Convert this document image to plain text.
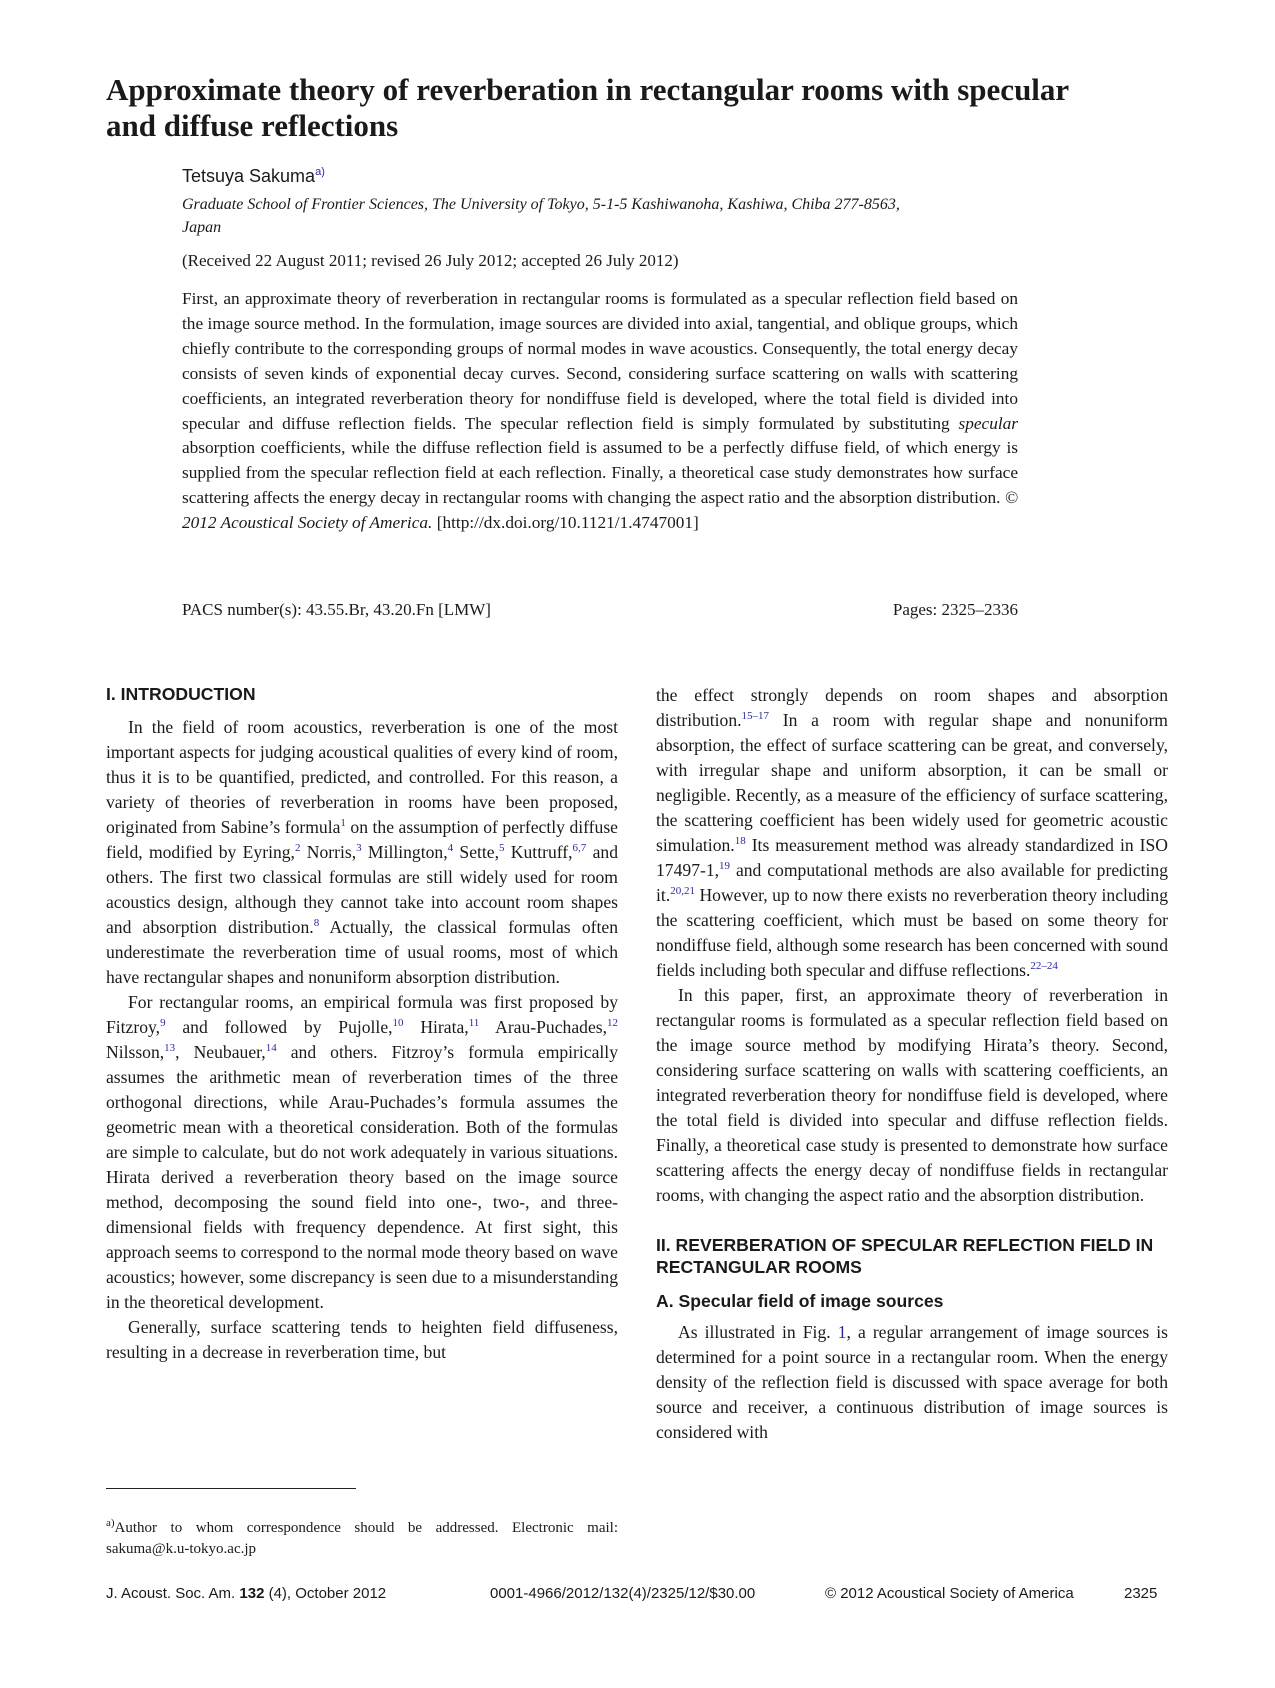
Approximate theory of reverberation in rectangular rooms with specular and diffuse reflections
Tetsuya Sakuma$^{a)}$
Graduate School of Frontier Sciences, The University of Tokyo, 5-1-5 Kashiwanoha, Kashiwa, Chiba 277-8563, Japan
(Received 22 August 2011; revised 26 July 2012; accepted 26 July 2012)

First, an approximate theory of reverberation in rectangular rooms is formulated as a specular reflection field based on the image source method. In the formulation, image sources are divided into axial, tangential, and oblique groups, which chiefly contribute to the corresponding groups of normal modes in wave acoustics. Consequently, the total energy decay consists of seven kinds of exponential decay curves. Second, considering surface scattering on walls with scattering coefficients, an integrated reverberation theory for nondiffuse field is developed, where the total field is divided into specular and diffuse reflection fields. The specular reflection field is simply formulated by substituting specular absorption coefficients, while the diffuse reflection field is assumed to be a perfectly diffuse field, of which energy is supplied from the specular reflection field at each reflection. Finally, a theoretical case study demonstrates how surface scattering affects the energy decay in rectangular rooms with changing the aspect ratio and the absorption distribution. © 2012 Acoustical Society of America. [http://dx.doi.org/10.1121/1.4747001]

PACS number(s): 43.55.Br, 43.20.Fn [LMW]	Pages: 2325–2336
I. INTRODUCTION

In the field of room acoustics, reverberation is one of the most important aspects for judging acoustical qualities of every kind of room, thus it is to be quantified, predicted, and controlled. For this reason, a variety of theories of reverberation in rooms have been proposed, originated from Sabine’s formula$^1$ on the assumption of perfectly diffuse field, modified by Eyring,$^2$ Norris,$^3$ Millington,$^4$ Sette,$^5$ Kuttruff,$^{6,7}$ and others. The first two classical formulas are still widely used for room acoustics design, although they cannot take into account room shapes and absorption distribution.$^8$ Actually, the classical formulas often underestimate the reverberation time of usual rooms, most of which have rectangular shapes and nonuniform absorption distribution.

For rectangular rooms, an empirical formula was first proposed by Fitzroy,$^9$ and followed by Pujolle,$^{10}$ Hirata,$^{11}$ Arau-Puchades,$^{12}$ Nilsson,$^{13}$, Neubauer,$^{14}$ and others. Fitzroy’s formula empirically assumes the arithmetic mean of reverberation times of the three orthogonal directions, while Arau-Puchades’s formula assumes the geometric mean with a theoretical consideration. Both of the formulas are simple to calculate, but do not work adequately in various situations. Hirata derived a reverberation theory based on the image source method, decomposing the sound field into one-, two-, and three-dimensional fields with frequency dependence. At first sight, this approach seems to correspond to the normal mode theory based on wave acoustics; however, some discrepancy is seen due to a misunderstanding in the theoretical development.

Generally, surface scattering tends to heighten field diffuseness, resulting in a decrease in reverberation time, but

$^{a)}$Author to whom correspondence should be addressed. Electronic mail: sakuma@k.u-tokyo.ac.jp

the effect strongly depends on room shapes and absorption distribution.$^{15-17}$ In a room with regular shape and nonuniform absorption, the effect of surface scattering can be great, and conversely, with irregular shape and uniform absorption, it can be small or negligible. Recently, as a measure of the efficiency of surface scattering, the scattering coefficient has been widely used for geometric acoustic simulation.$^{18}$ Its measurement method was already standardized in ISO 17497-1,19 and computational methods are also available for predicting it.$^{20,21}$ However, up to now there exists no reverberation theory including the scattering coefficient, which must be based on some theory for nondiffuse field, although some research has been concerned with sound fields including both specular and diffuse reflections.$^{22-24}$

In this paper, first, an approximate theory of reverberation in rectangular rooms is formulated as a specular reflection field based on the image source method by modifying Hirata’s theory. Second, considering surface scattering on walls with scattering coefficients, an integrated reverberation theory for nondiffuse field is developed, where the total field is divided into specular and diffuse reflection fields. Finally, a theoretical case study is presented to demonstrate how surface scattering affects the energy decay of nondiffuse fields in rectangular rooms, with changing the aspect ratio and the absorption distribution.

II. REVERBERATION OF SPECULAR REFLECTION FIELD IN RECTANGULAR ROOMS
A. Specular field of image sources

As illustrated in Fig. 1, a regular arrangement of image sources is determined for a point source in a rectangular room. When the energy density of the reflection field is discussed with space average for both source and receiver, a continuous distribution of image sources is considered with

J. Acoust. Soc. Am. 132 (4), October 2012	0001-4966/2012/132(4)/2325/12/$30.00	© 2012 Acoustical Society of America	2325
